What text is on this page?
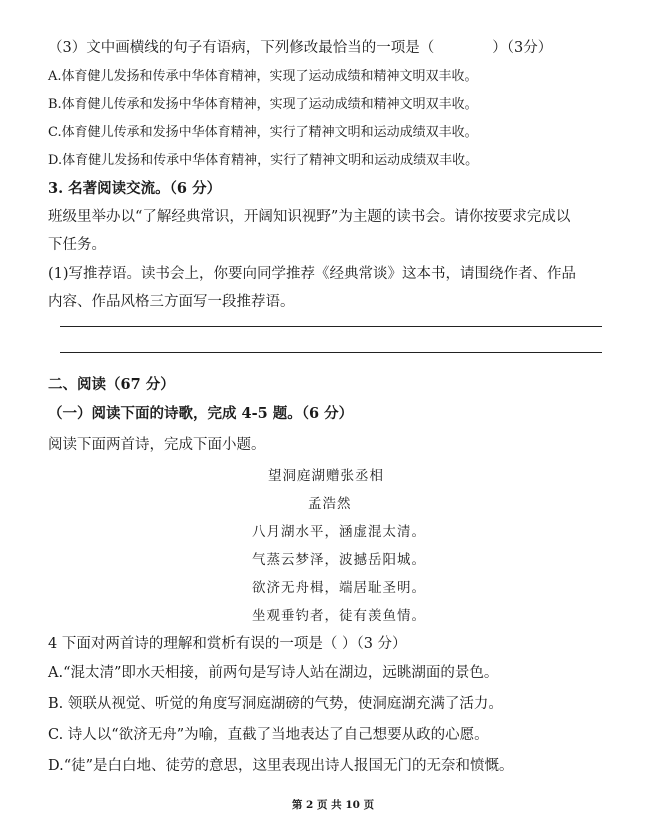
（3）文中画横线的句子有语病，下列修改最恰当的一项是（	）（3分）
A.体育健儿发扬和传承中华体育精神，实现了运动成绩和精神文明双丰收。
B.体育健儿传承和发扬中华体育精神，实现了运动成绩和精神文明双丰收。
C.体育健儿传承和发扬中华体育精神，实行了精神文明和运动成绩双丰收。
D.体育健儿发扬和传承中华体育精神，实行了精神文明和运动成绩双丰收。
3. 名著阅读交流。（6 分）
班级里举办以“了解经典常识，开阔知识视野”为主题的读书会。请你按要求完成以
下任务。
(1)写推荐语。读书会上，你要向同学推荐《经典常谈》这本书，请围绕作者、作品
内容、作品风格三方面写一段推荐语。
二、阅读（67 分）
（一）阅读下面的诗歌，完成 4-5 题。（6 分）
阅读下面两首诗，完成下面小题。
望洞庭湖赠张丞相
孟浩然
八月湖水平，涵虚混太清。
气蒸云梦泽，波撼岳阳城。
欲济无舟楫，端居耻圣明。
坐观垂钓者，徒有羡鱼情。
4 下面对两首诗的理解和赏析有误的一项是（ ）（3 分）
A.“混太清”即水天相接，前两句是写诗人站在湖边，远眺湖面的景色。
B. 领联从视觉、听觉的角度写洞庭湖磅的气势，使洞庭湖充满了活力。
C. 诗人以“欲济无舟”为喻，直截了当地表达了自己想要从政的心愿。
D.“徒”是白白地、徒劳的意思，这里表现出诗人报国无门的无奈和愤慨。
第 2 页 共 10 页
